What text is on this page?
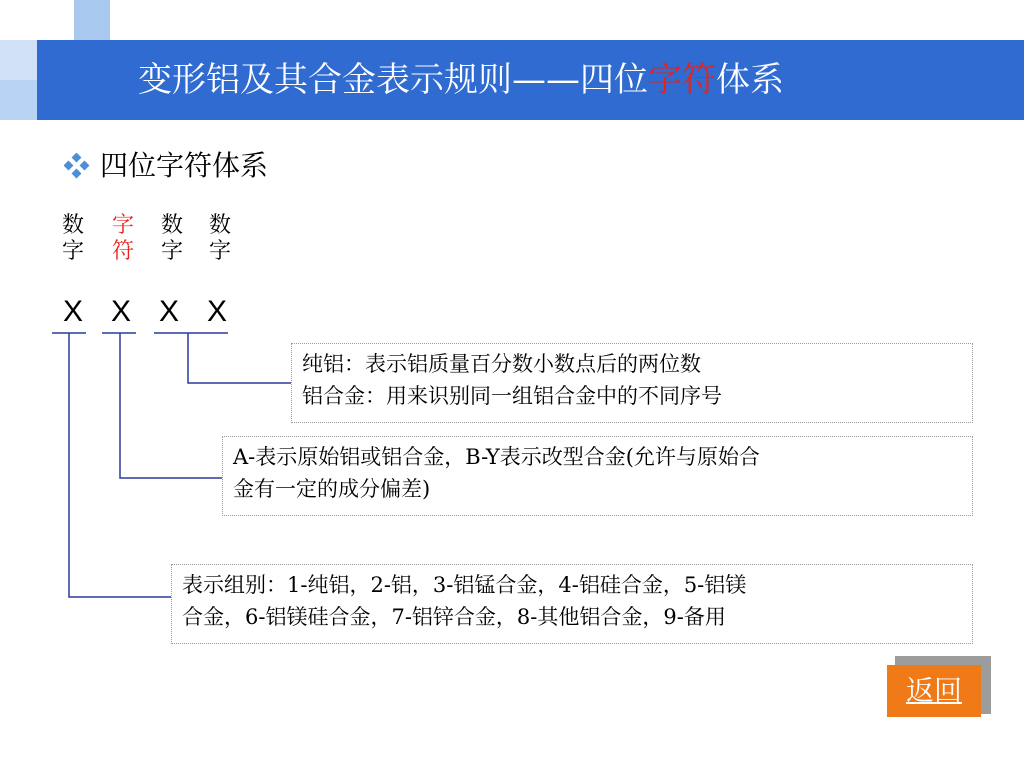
变形铝及其合金表示规则——四位字符体系
四位字符体系
数
字
字
符
数
字
数
字
X X X X
纯铝：表示铝质量百分数小数点后的两位数
铝合金：用来识别同一组铝合金中的不同序号
A-表示原始铝或铝合金，B-Y表示改型合金(允许与原始合
金有一定的成分偏差)
表示组别：1-纯铝，2-铝，3-铝锰合金，4-铝硅合金，5-铝镁
合金，6-铝镁硅合金，7-铝锌合金，8-其他铝合金，9-备用
返回
